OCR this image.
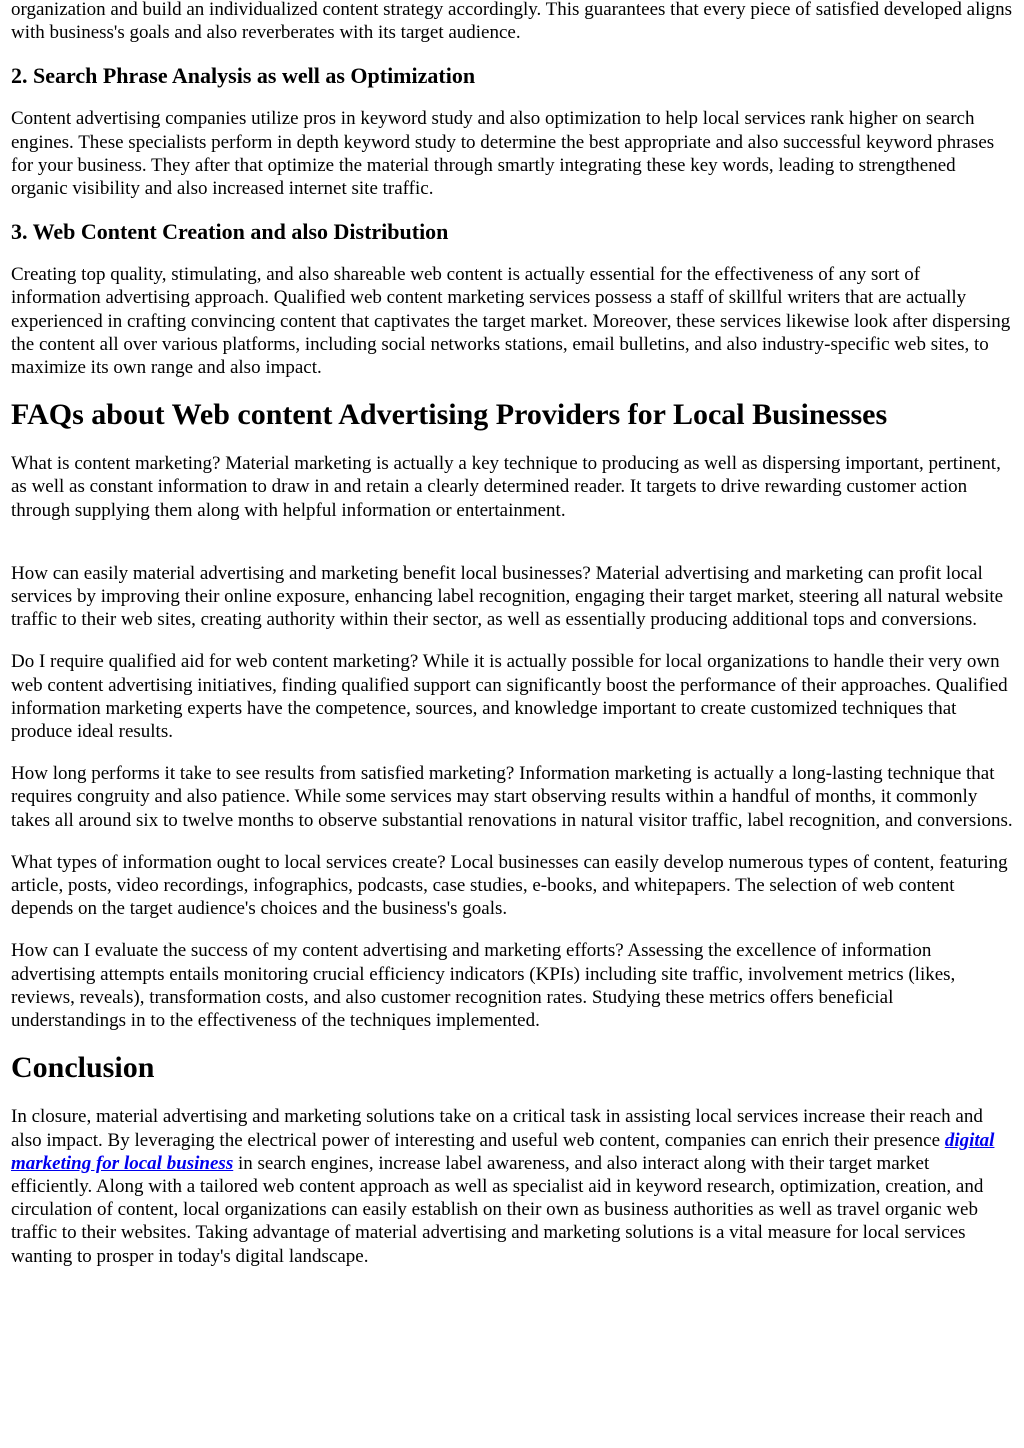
organization and build an individualized content strategy accordingly. This guarantees that every piece of satisfied developed aligns with business's goals and also reverberates with its target audience.

2. Search Phrase Analysis as well as Optimization

Content advertising companies utilize pros in keyword study and also optimization to help local services rank higher on search engines. These specialists perform in depth keyword study to determine the best appropriate and also successful keyword phrases for your business. They after that optimize the material through smartly integrating these key words, leading to strengthened organic visibility and also increased internet site traffic.

3. Web Content Creation and also Distribution

Creating top quality, stimulating, and also shareable web content is actually essential for the effectiveness of any sort of information advertising approach. Qualified web content marketing services possess a staff of skillful writers that are actually experienced in crafting convincing content that captivates the target market. Moreover, these services likewise look after dispersing the content all over various platforms, including social networks stations, email bulletins, and also industry-specific web sites, to maximize its own range and also impact.

FAQs about Web content Advertising Providers for Local Businesses

What is content marketing? Material marketing is actually a key technique to producing as well as dispersing important, pertinent, as well as constant information to draw in and retain a clearly determined reader. It targets to drive rewarding customer action through supplying them along with helpful information or entertainment.

How can easily material advertising and marketing benefit local businesses? Material advertising and marketing can profit local services by improving their online exposure, enhancing label recognition, engaging their target market, steering all natural website traffic to their web sites, creating authority within their sector, as well as essentially producing additional tops and conversions.

Do I require qualified aid for web content marketing? While it is actually possible for local organizations to handle their very own web content advertising initiatives, finding qualified support can significantly boost the performance of their approaches. Qualified information marketing experts have the competence, sources, and knowledge important to create customized techniques that produce ideal results.

How long performs it take to see results from satisfied marketing? Information marketing is actually a long-lasting technique that requires congruity and also patience. While some services may start observing results within a handful of months, it commonly takes all around six to twelve months to observe substantial renovations in natural visitor traffic, label recognition, and conversions.

What types of information ought to local services create? Local businesses can easily develop numerous types of content, featuring article, posts, video recordings, infographics, podcasts, case studies, e-books, and whitepapers. The selection of web content depends on the target audience's choices and the business's goals.

How can I evaluate the success of my content advertising and marketing efforts? Assessing the excellence of information advertising attempts entails monitoring crucial efficiency indicators (KPIs) including site traffic, involvement metrics (likes, reviews, reveals), transformation costs, and also customer recognition rates. Studying these metrics offers beneficial understandings in to the effectiveness of the techniques implemented.

Conclusion

In closure, material advertising and marketing solutions take on a critical task in assisting local services increase their reach and also impact. By leveraging the electrical power of interesting and useful web content, companies can enrich their presence digital marketing for local business in search engines, increase label awareness, and also interact along with their target market efficiently. Along with a tailored web content approach as well as specialist aid in keyword research, optimization, creation, and circulation of content, local organizations can easily establish on their own as business authorities as well as travel organic web traffic to their websites. Taking advantage of material advertising and marketing solutions is a vital measure for local services wanting to prosper in today's digital landscape.
